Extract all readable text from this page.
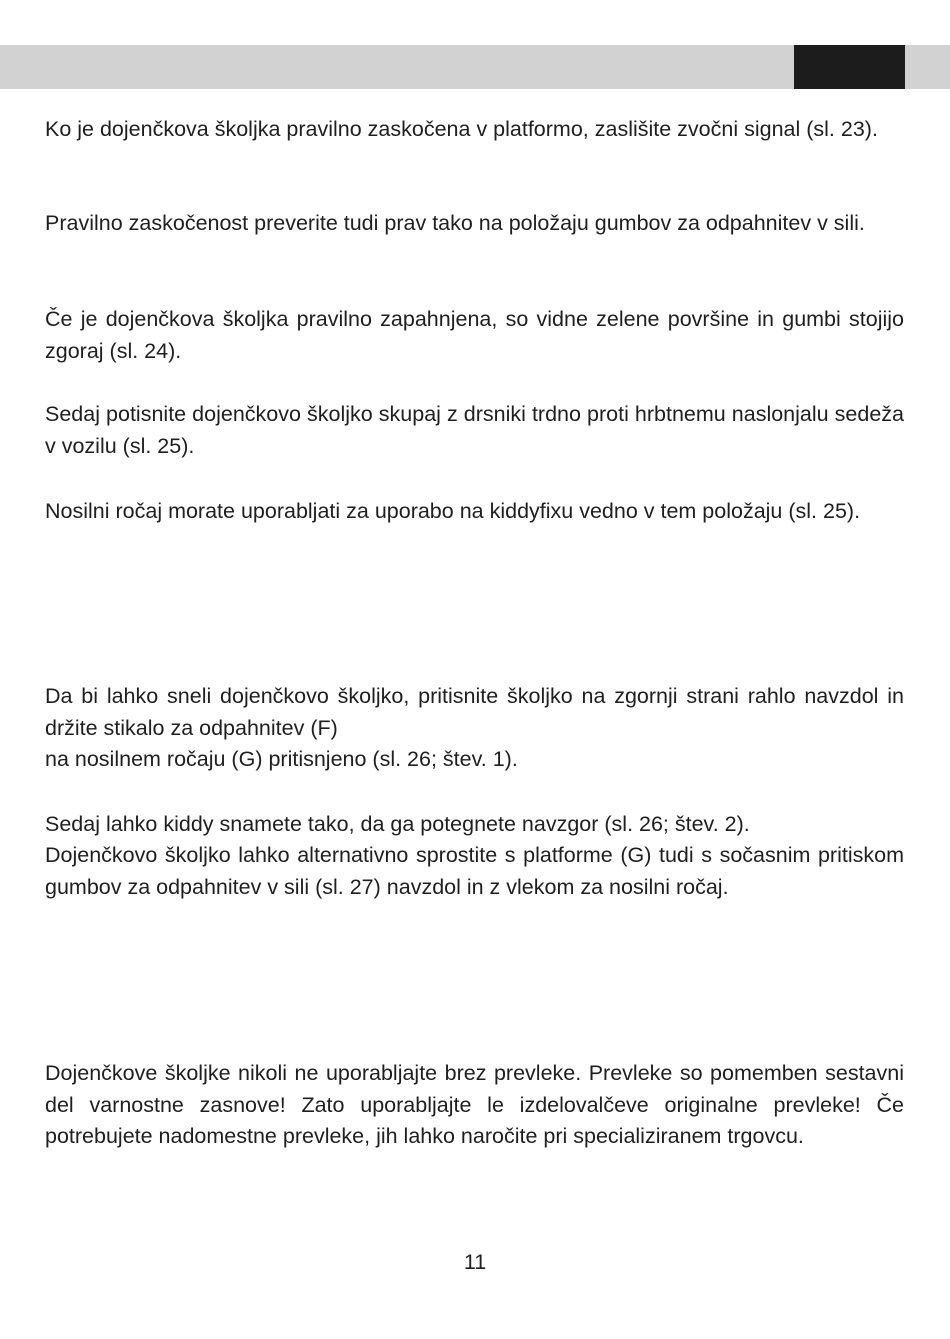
Ko je dojenčkova školjka pravilno zaskočena v platformo, zaslišite zvočni signal (sl. 23).

Pravilno zaskočenost preverite tudi prav tako na položaju gumbov za odpahnitev v sili.

Če je dojenčkova školjka pravilno zapahnjena, so vidne zelene površine in gumbi stojijo zgoraj (sl. 24).

Sedaj potisnite dojenčkovo školjko skupaj z drsniki trdno proti hrbtnemu naslonjalu sedeža v vozilu (sl. 25).

Nosilni ročaj morate uporabljati za uporabo na kiddyfixu vedno v tem položaju (sl. 25).

Da bi lahko sneli dojenčkovo školjko, pritisnite školjko na zgornji strani rahlo navzdol in držite stikalo za odpahnitev (F)

na nosilnem ročaju (G) pritisnjeno (sl. 26; štev. 1).

Sedaj lahko kiddy snamete tako, da ga potegnete navzgor (sl. 26; štev. 2).

Dojenčkovo školjko lahko alternativno sprostite s platforme (G) tudi s sočasnim pritiskom gumbov za odpahnitev v sili (sl. 27) navzdol in z vlekom za nosilni ročaj.

Dojenčkove školjke nikoli ne uporabljajte brez prevleke. Prevleke so pomemben sestavni del varnostne zasnove! Zato uporabljajte le izdelovalčeve originalne prevleke! Če potrebujete nadomestne prevleke, jih lahko naročite pri specializiranem trgovcu.

11
